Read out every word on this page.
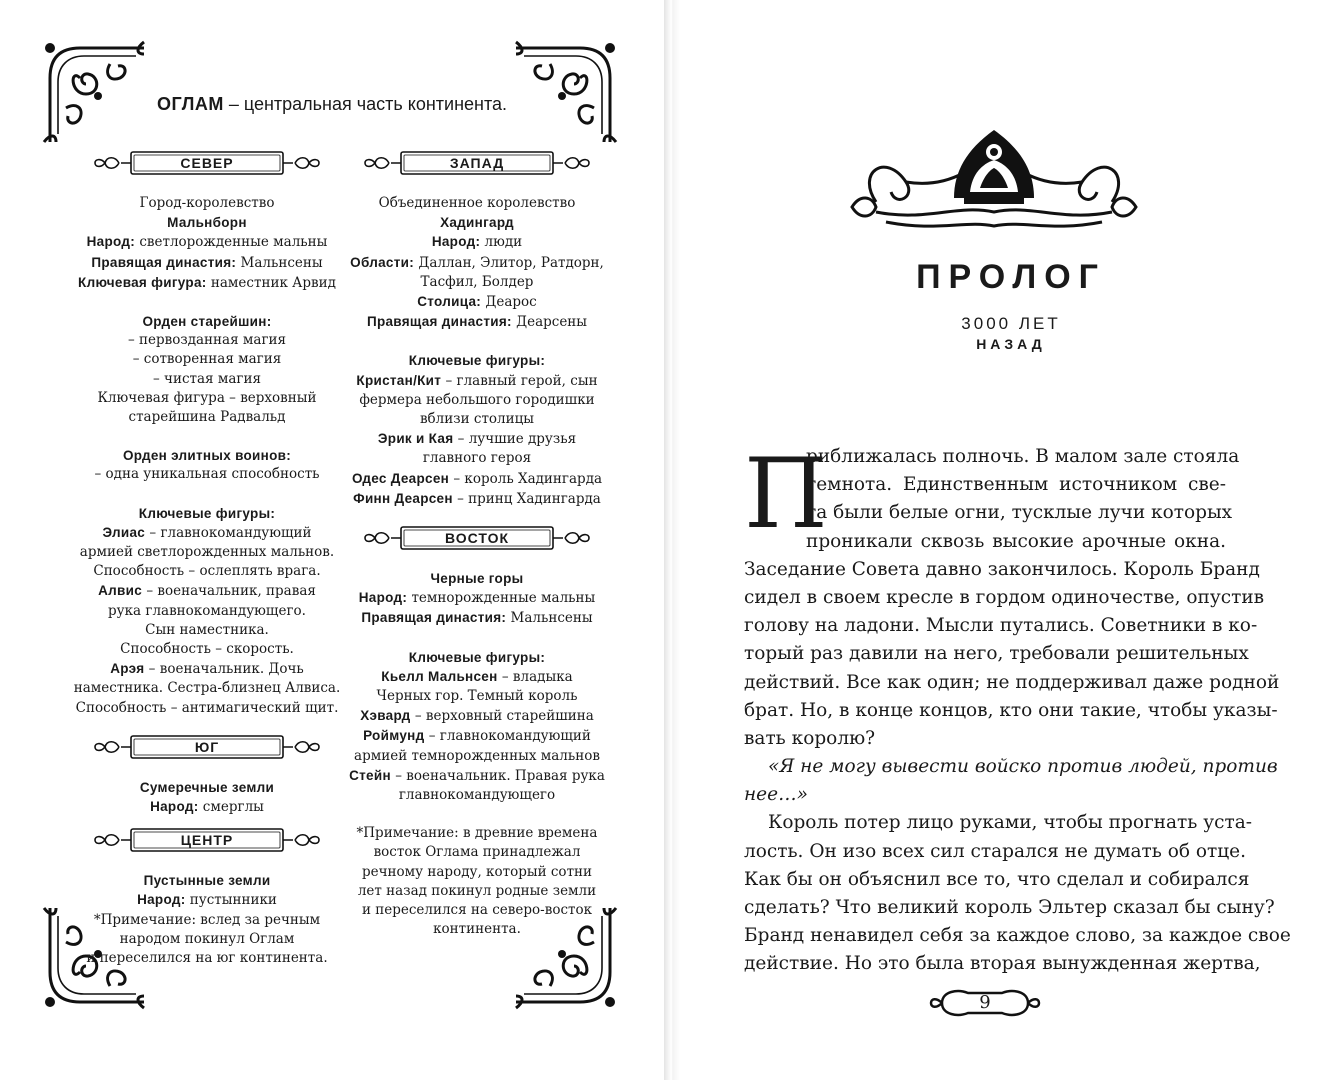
ОГЛАМ – центральная часть континента.
СЕВЕР

Город-королевство

Мальнборн

Народ: светлорожденные мальны

Правящая династия: Мальнсены

Ключевая фигура: наместник Арвид

Орден старейшин:

– первозданная магия

– сотворенная магия

– чистая магия

Ключевая фигура – верховный

старейшина Радвальд

Орден элитных воинов:

– одна уникальная способность

Ключевые фигуры:

Элиас – главнокомандующий

армией светлорожденных мальнов.

Способность – ослеплять врага.

Алвис – военачальник, правая

рука главнокомандующего.

Сын наместника.

Способность – скорость.

Арэя – военачальник. Дочь

наместника. Сестра-близнец Алвиса.

Способность – антимагический щит.

ЮГ

Сумеречные земли

Народ: смерглы

ЦЕНТР

Пустынные земли

Народ: пустынники

*Примечание: вслед за речным

народом покинул Оглам

и переселился на юг континента.

ЗАПАД

Объединенное королевство

Хадингард

Народ: люди

Области: Даллан, Элитор, Ратдорн,

Тасфил, Болдер

Столица: Деарос

Правящая династия: Деарсены

Ключевые фигуры:

Кристан/Кит – главный герой, сын

фермера небольшого городишки

вблизи столицы

Эрик и Кая – лучшие друзья

главного героя

Одес Деарсен – король Хадингарда

Финн Деарсен – принц Хадингарда

ВОСТОК

Черные горы

Народ: темнорожденные мальны

Правящая династия: Мальнсены

Ключевые фигуры:

Кьелл Мальнсен – владыка

Черных гор. Темный король

Хэвард – верховный старейшина

Роймунд – главнокомандующий

армией темнорожденных мальнов

Стейн – военачальник. Правая рука

главнокомандующего

*Примечание: в древние времена

восток Оглама принадлежал

речному народу, который сотни

лет назад покинул родные земли

и переселился на северо-восток

континента.

ПРОЛОГ
3000 ЛЕТ
НАЗАД
П
риближалась полночь. В малом зале стояла
темнота. Единственным источником све-
та были белые огни, тусклые лучи которых
проникали сквозь высокие арочные окна.
Заседание Совета давно закончилось. Король Бранд
сидел в своем кресле в гордом одиночестве, опустив
голову на ладони. Мысли путались. Советники в ко-
торый раз давили на него, требовали решительных
действий. Все как один; не поддерживал даже родной
брат. Но, в конце концов, кто они такие, чтобы указы-
вать королю?
«Я не могу вывести войско против людей, против
нее…»
Король потер лицо руками, чтобы прогнать уста-
лость. Он изо всех сил старался не думать об отце.
Как бы он объяснил все то, что сделал и собирался
сделать? Что великий король Эльтер сказал бы сыну?
Бранд ненавидел себя за каждое слово, за каждое свое
действие. Но это была вторая вынужденная жертва,
9
